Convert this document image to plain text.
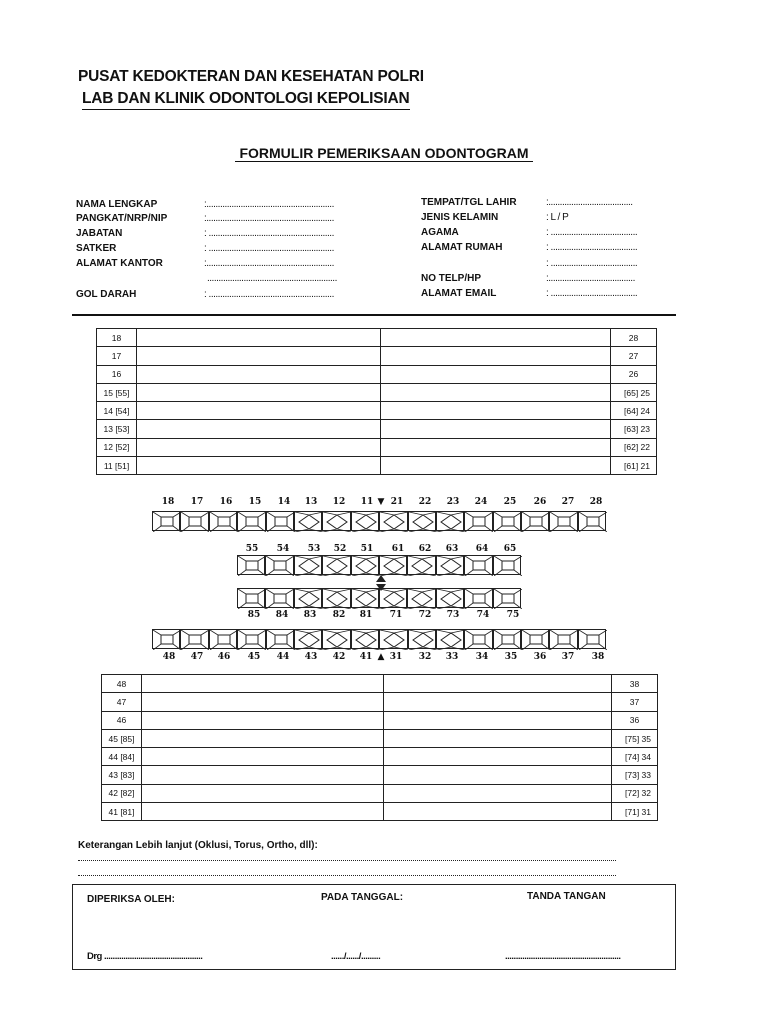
PUSAT KEDOKTERAN DAN KESEHATAN POLRI
LAB DAN KLINIK ODONTOLOGI KEPOLISIAN
FORMULIR PEMERIKSAAN ODONTOGRAM
NAMA LENGKAP	:........................................................
PANGKAT/NRP/NIP	:........................................................
JABATAN	: .......................................................
SATKER	: .......................................................
ALAMAT KANTOR	:........................................................
.........................................................
GOL DARAH	: .......................................................
TEMPAT/TGL LAHIR	:.....................................
JENIS KELAMIN	: L / P
AGAMA	: ......................................
ALAMAT RUMAH	: ......................................
: ......................................
NO TELP/HP	:......................................
ALAMAT EMAIL	: ......................................
18			28
17			27
16			26
15 [55]			[65] 25
14 [54]			[64] 24
13 [53]			[63] 23
12 [52]			[62] 22
11 [51]			[61] 21
18 17 16 15 14 13 12 11 ▼ 21 22 23 24 25 26 27 28
55 54 53 52 51 61 62 63 64 65
85 84 83 82 81 71 72 73 74 75
48 47 46 45 44 43 42 41 ▲ 31 32 33 34 35 36 37 38
48			38
47			37
46			36
45 [85]			[75] 35
44 [84]			[74] 34
43 [83]			[73] 33
42 [82]			[72] 32
41 [81]			[71] 31
Keterangan Lebih lanjut (Oklusi, Torus, Ortho, dll):
DIPERIKSA OLEH:	PADA TANGGAL:	TANDA TANGAN
Drg ..............................................	....../....../.........	......................................................
